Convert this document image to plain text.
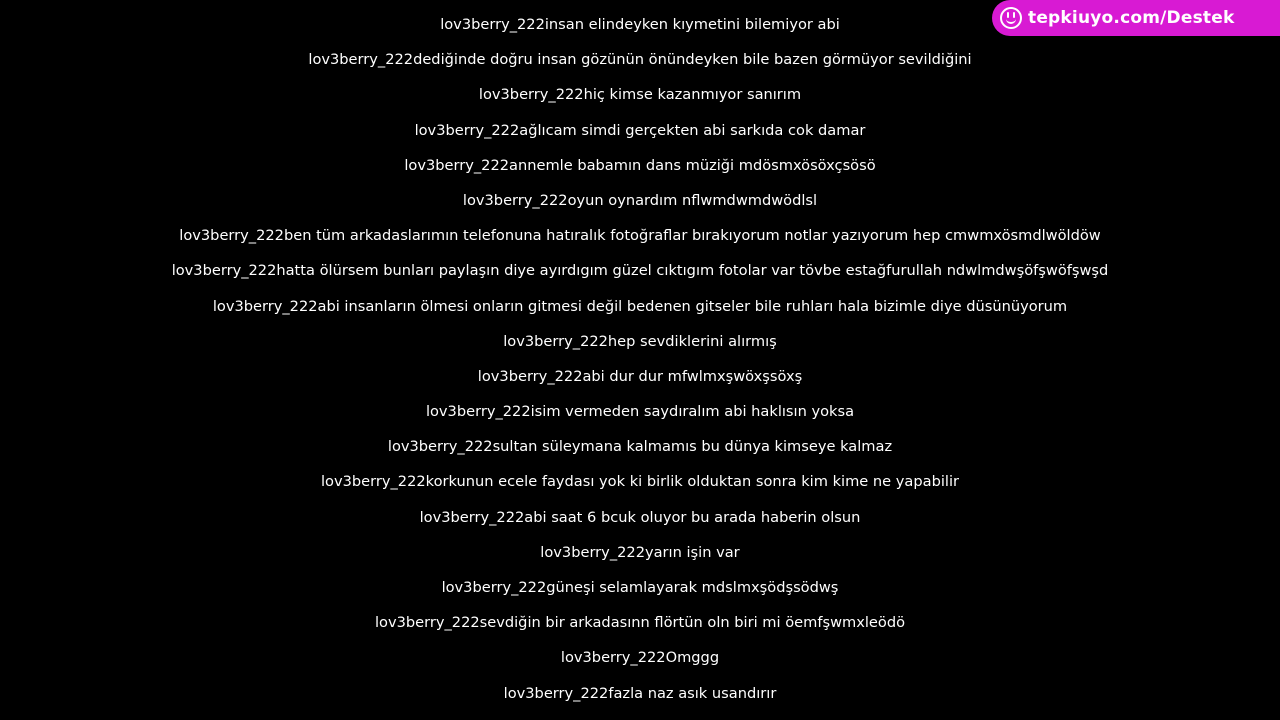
lov3berry_222insan elindeyken kıymetini bilemiyor abi
lov3berry_222dediğinde doğru insan gözünün önündeyken bile bazen görmüyor sevildiğini
lov3berry_222hiç kimse kazanmıyor sanırım
lov3berry_222ağlıcam simdi gerçekten abi sarkıda cok damar
lov3berry_222annemle babamın dans müziği mdösmxösöxçsösö
lov3berry_222oyun oynardım nflwmdwmdwödlsl
lov3berry_222ben tüm arkadaslarımın telefonuna hatıralık fotoğraflar bırakıyorum notlar yazıyorum hep cmwmxösmdlwöldöw
lov3berry_222hatta ölürsem bunları paylaşın diye ayırdıgım güzel cıktıgım fotolar var tövbe estağfurullah ndwlmdwşöfşwöfşwşd
lov3berry_222abi insanların ölmesi onların gitmesi değil bedenen gitseler bile ruhları hala bizimle diye düsünüyorum
lov3berry_222hep sevdiklerini alırmış
lov3berry_222abi dur dur mfwlmxşwöxşsöxş
lov3berry_222isim vermeden saydıralım abi haklısın yoksa
lov3berry_222sultan süleymana kalmamıs bu dünya kimseye kalmaz
lov3berry_222korkunun ecele faydası yok ki birlik olduktan sonra kim kime ne yapabilir
lov3berry_222abi saat 6 bcuk oluyor bu arada haberin olsun
lov3berry_222yarın işin var
lov3berry_222güneşi selamlayarak mdslmxşödşsödwş
lov3berry_222sevdiğin bir arkadasınn flörtün oln biri mi öemfşwmxleödö
lov3berry_222Omggg
lov3berry_222fazla naz asık usandırır
tepkiuyo.com/Destek
